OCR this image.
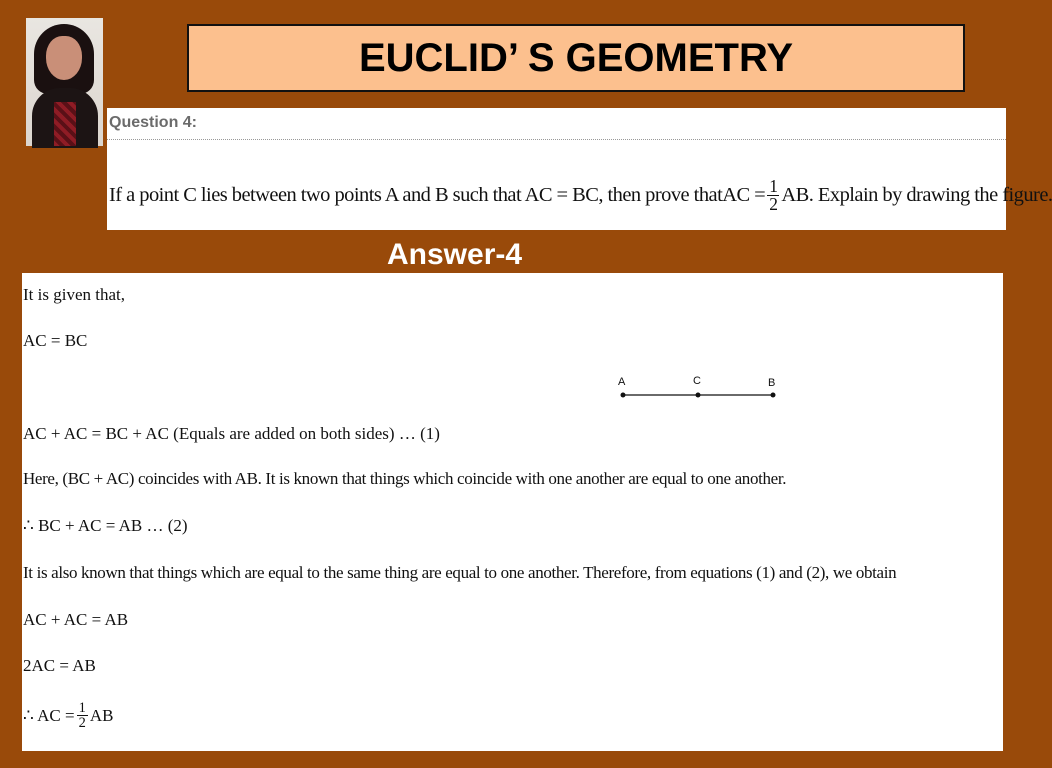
EUCLID’ S GEOMETRY
Question 4:
If a point C lies between two points A and B such that AC = BC, then prove that AC = $\frac{1}{2}$ AB . Explain by drawing the figure.
Answer-4
It is given that,
AC = BC
A	C	B
AC + AC = BC + AC (Equals are added on both sides) … (1)
Here, (BC + AC) coincides with AB. It is known that things which coincide with one another are equal to one another.
∴ BC + AC = AB … (2)
It is also known that things which are equal to the same thing are equal to one another. Therefore, from equations (1) and (2), we obtain
AC + AC = AB
2AC = AB
∴ AC = $\frac{1}{2}$ AB
